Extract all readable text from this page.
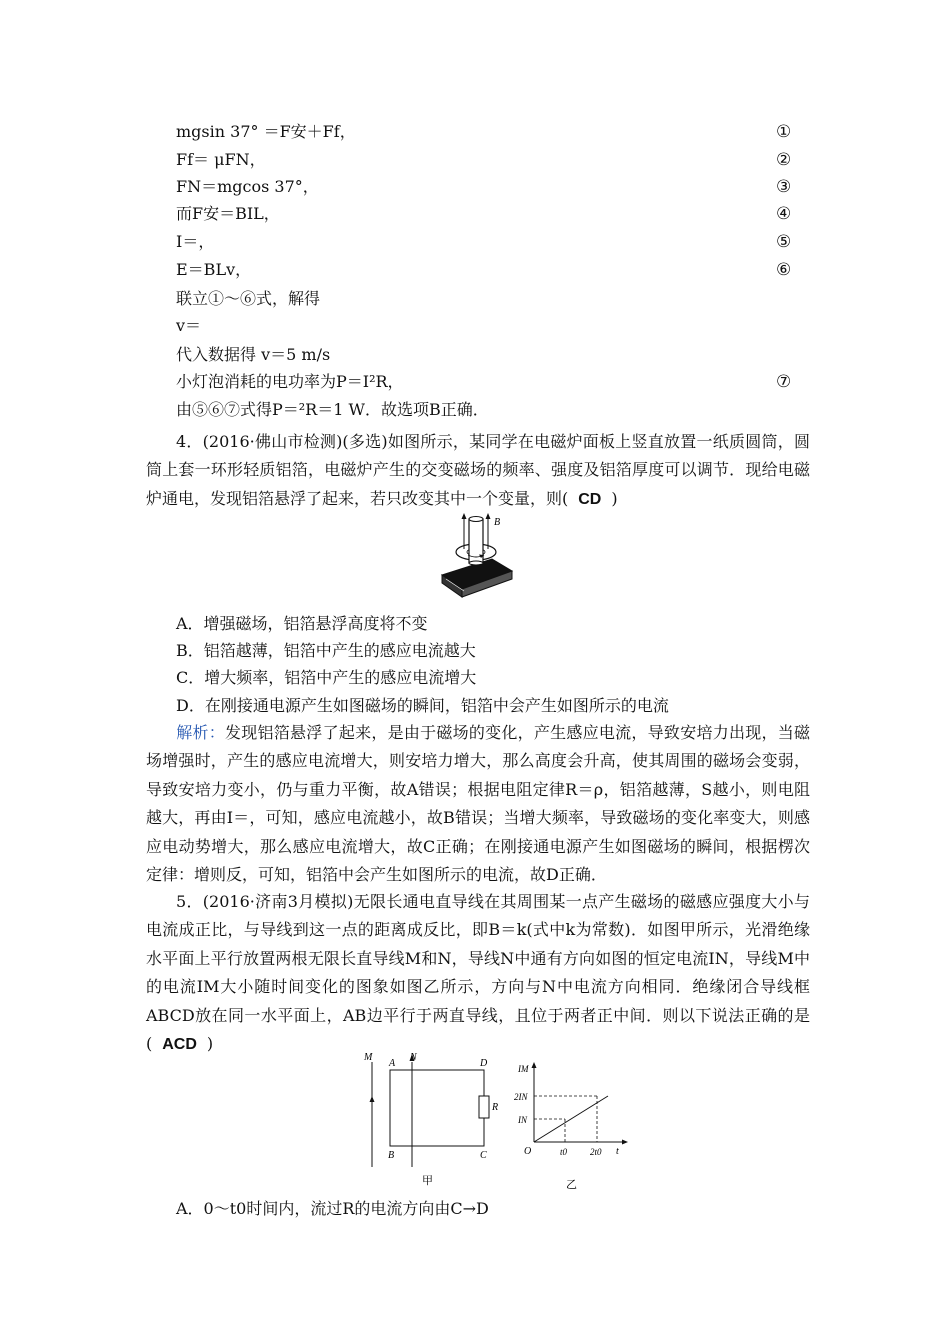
mgsin 37° ＝F安＋Ff，	①
Ff＝ μFN，	②
FN＝mgcos 37°，	③
而F安＝BIL，	④
I＝，	⑤
E＝BLv，	⑥
联立①～⑥式，解得
v＝
代入数据得 v＝5 m/s
小灯泡消耗的电功率为P＝I²R，	⑦
由⑤⑥⑦式得P＝²R＝1 W．故选项B正确．
4．(2016·佛山市检测)(多选)如图所示，某同学在电磁炉面板上竖直放置一纸质圆筒，圆筒上套一环形轻质铝箔，电磁炉产生的交变磁场的频率、强度及铝箔厚度可以调节．现给电磁炉通电，发现铝箔悬浮了起来，若只改变其中一个变量，则( CD )
B
A．增强磁场，铝箔悬浮高度将不变
B．铝箔越薄，铝箔中产生的感应电流越大
C．增大频率，铝箔中产生的感应电流增大
D．在刚接通电源产生如图磁场的瞬间，铝箔中会产生如图所示的电流
解析：发现铝箔悬浮了起来，是由于磁场的变化，产生感应电流，导致安培力出现，当磁场增强时，产生的感应电流增大，则安培力增大，那么高度会升高，使其周围的磁场会变弱，导致安培力变小，仍与重力平衡，故A错误；根据电阻定律R＝ρ，铝箔越薄，S越小，则电阻越大，再由I＝，可知，感应电流越小，故B错误；当增大频率，导致磁场的变化率变大，则感应电动势增大，那么感应电流增大，故C正确；在刚接通电源产生如图磁场的瞬间，根据楞次定律：增则反，可知，铝箔中会产生如图所示的电流，故D正确．
5．(2016·济南3月模拟)无限长通电直导线在其周围某一点产生磁场的磁感应强度大小与电流成正比，与导线到这一点的距离成反比，即B＝k(式中k为常数)．如图甲所示，光滑绝缘水平面上平行放置两根无限长直导线M和N，导线N中通有方向如图的恒定电流IN，导线M中的电流IM大小随时间变化的图象如图乙所示，方向与N中电流方向相同．绝缘闭合导线框ABCD放在同一水平面上，AB边平行于两直导线，且位于两者正中间．则以下说法正确的是( ACD )
M	N
A	D
R
B	C
甲
IM
2IN
IN
O	t0	2t0 t
乙
A．0～t0时间内，流过R的电流方向由C→D
